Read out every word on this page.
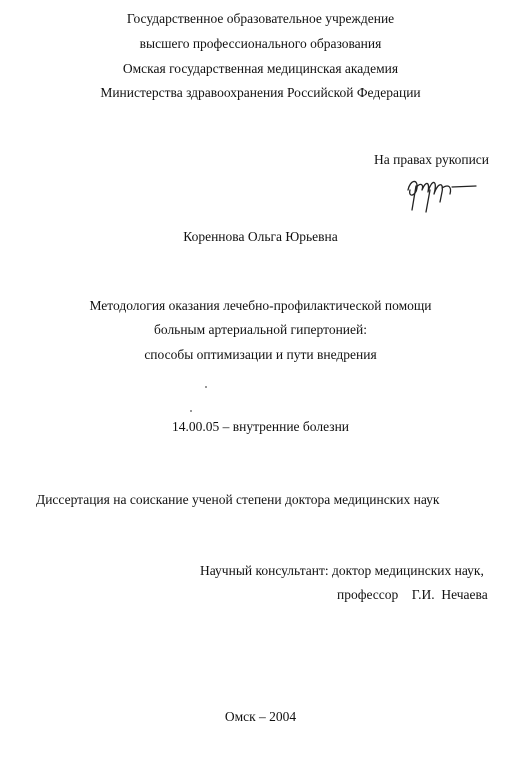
Государственное образовательное учреждение
высшего профессионального образования
Омская государственная медицинская академия
Министерства здравоохранения Российской Федерации
На правах рукописи
Кореннова Ольга Юрьевна
Методология оказания лечебно-профилактической помощи
больным артериальной гипертонией:
способы оптимизации и пути внедрения
14.00.05 – внутренние болезни
Диссертация на соискание ученой степени доктора медицинских наук
Научный консультант: доктор медицинских наук,
профессор    Г.И.  Нечаева
Омск – 2004
